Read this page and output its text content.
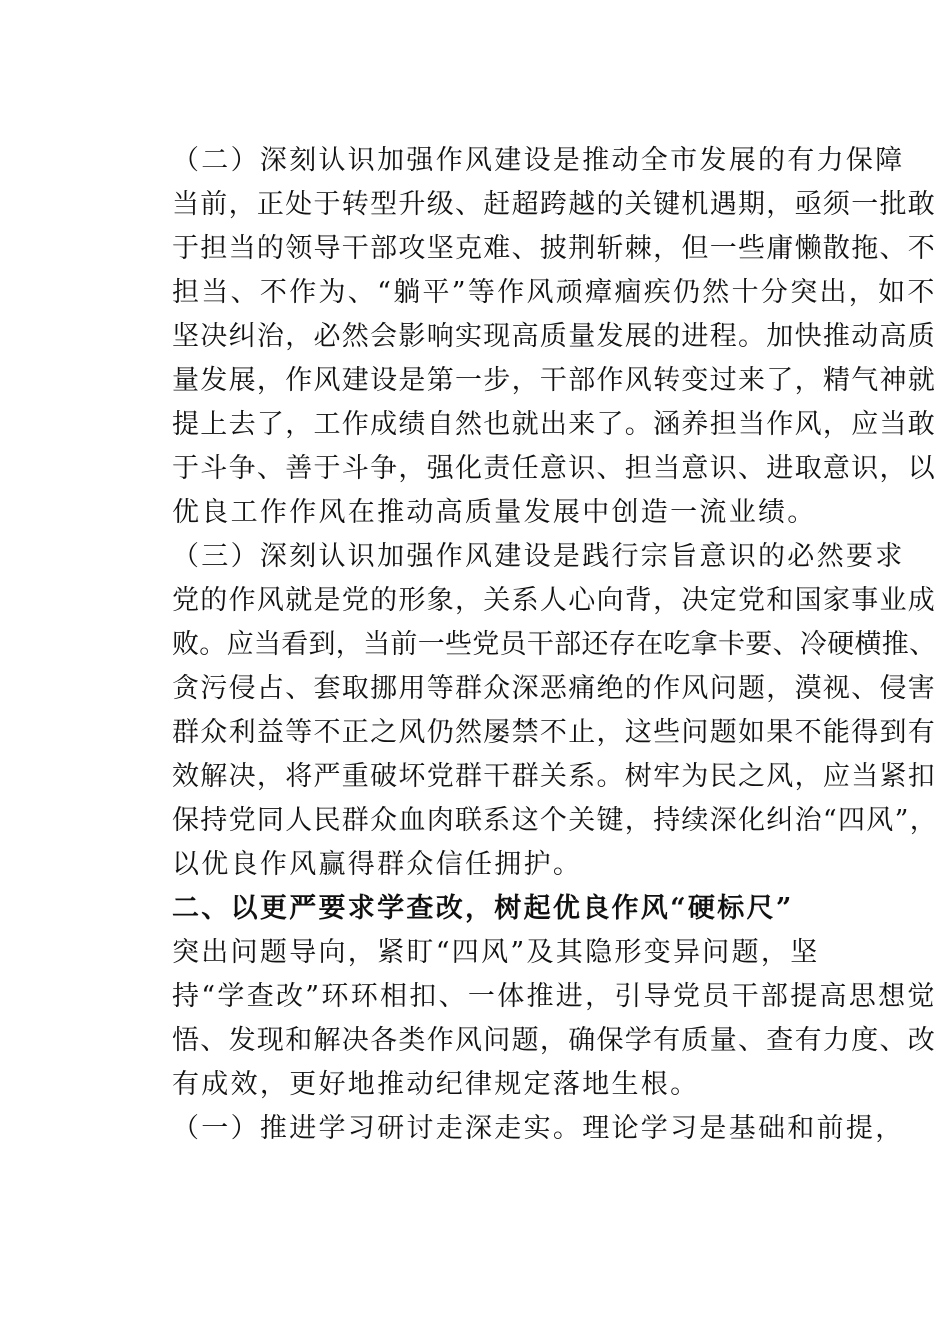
（二）深刻认识加强作风建设是推动全市发展的有力保障
当前，正处于转型升级、赶超跨越的关键机遇期，亟须一批敢
于担当的领导干部攻坚克难、披荆斩棘，但一些庸懒散拖、不
担当、不作为、“躺平”等作风顽瘴痼疾仍然十分突出，如不
坚决纠治，必然会影响实现高质量发展的进程。加快推动高质
量发展，作风建设是第一步，干部作风转变过来了，精气神就
提上去了，工作成绩自然也就出来了。涵养担当作风，应当敢
于斗争、善于斗争，强化责任意识、担当意识、进取意识，以
优良工作作风在推动高质量发展中创造一流业绩。
（三）深刻认识加强作风建设是践行宗旨意识的必然要求
党的作风就是党的形象，关系人心向背，决定党和国家事业成
败。应当看到，当前一些党员干部还存在吃拿卡要、冷硬横推、
贪污侵占、套取挪用等群众深恶痛绝的作风问题，漠视、侵害
群众利益等不正之风仍然屡禁不止，这些问题如果不能得到有
效解决，将严重破坏党群干群关系。树牢为民之风，应当紧扣
保持党同人民群众血肉联系这个关键，持续深化纠治“四风”，
以优良作风赢得群众信任拥护。
二、以更严要求学查改，树起优良作风“硬标尺”
突出问题导向，紧盯“四风”及其隐形变异问题，坚
持“学查改”环环相扣、一体推进，引导党员干部提高思想觉
悟、发现和解决各类作风问题，确保学有质量、查有力度、改
有成效，更好地推动纪律规定落地生根。
（一）推进学习研讨走深走实。理论学习是基础和前提，
